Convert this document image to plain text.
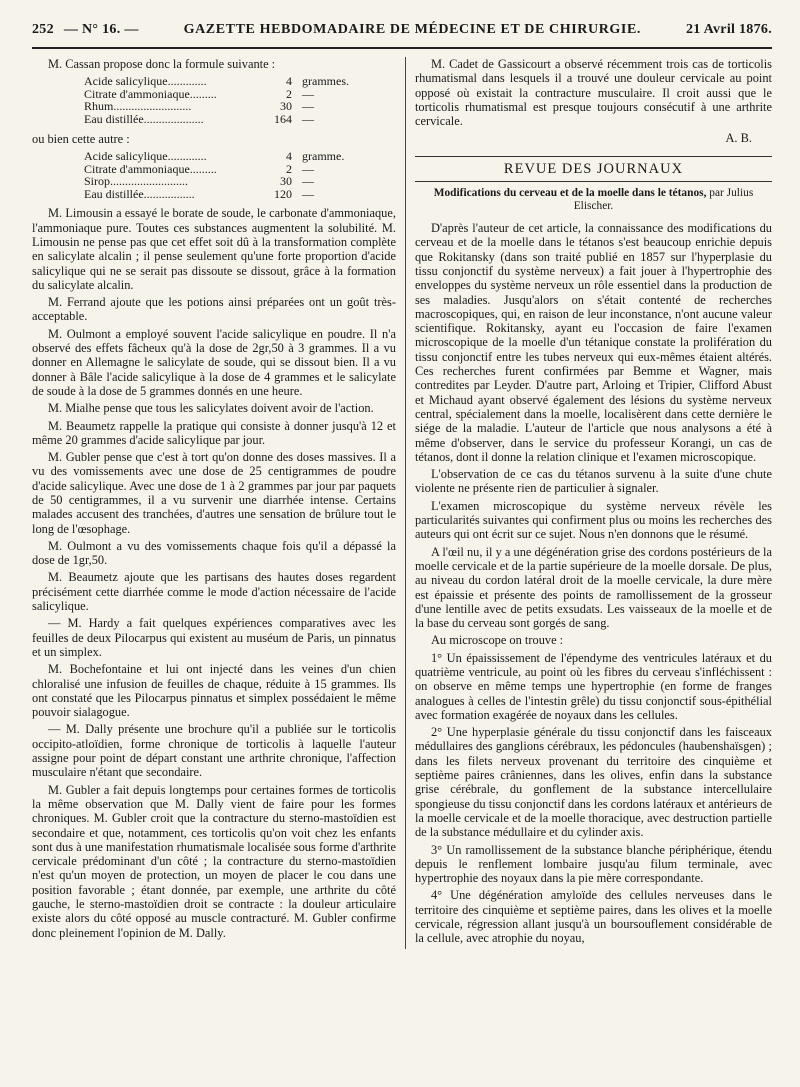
252 — N° 16. —	GAZETTE HEBDOMADAIRE DE MÉDECINE ET DE CHIRURGIE.	21 Avril 1876.

M. Cassan propose donc la formule suivante :

Acide salicylique.............	4 grammes.
Citrate d'ammoniaque.........	2 —
Rhum..........................	30 —
Eau distillée....................	164 —

ou bien cette autre :

Acide salicylique.............	4 gramme.
Citrate d'ammoniaque.........	2 —
Sirop..........................	30 —
Eau distillée.................	120 —

M. Limousin a essayé le borate de soude, le carbonate d'ammoniaque, l'ammoniaque pure. Toutes ces substances augmentent la solubilité. M. Limousin ne pense pas que cet effet soit dû à la transformation complète en salicylate alcalin ; il pense seulement qu'une forte proportion d'acide salicylique qui ne se serait pas dissoute se dissout, grâce à la formation du salicylate alcalin.

M. Ferrand ajoute que les potions ainsi préparées ont un goût très-acceptable.

M. Oulmont a employé souvent l'acide salicylique en poudre. Il n'a observé des effets fâcheux qu'à la dose de 2gr,50 à 3 grammes. Il a vu donner en Allemagne le salicylate de soude, qui se dissout bien. Il a vu donner à Bâle l'acide salicylique à la dose de 4 grammes et le salicylate de soude à la dose de 5 grammes donnés en une heure.

M. Mialhe pense que tous les salicylates doivent avoir de l'action.

M. Beaumetz rappelle la pratique qui consiste à donner jusqu'à 12 et même 20 grammes d'acide salicylique par jour.

M. Gubler pense que c'est à tort qu'on donne des doses massives. Il a vu des vomissements avec une dose de 25 centigrammes de poudre d'acide salicylique. Avec une dose de 1 à 2 grammes par jour par paquets de 50 centigrammes, il a vu survenir une diarrhée intense. Certains malades accusent des tranchées, d'autres une sensation de brûlure tout le long de l'œsophage.

M. Oulmont a vu des vomissements chaque fois qu'il a dépassé la dose de 1gr,50.

M. Beaumetz ajoute que les partisans des hautes doses regardent précisément cette diarrhée comme le mode d'action nécessaire de l'acide salicylique.

— M. Hardy a fait quelques expériences comparatives avec les feuilles de deux Pilocarpus qui existent au muséum de Paris, un pinnatus et un simplex.

M. Bochefontaine et lui ont injecté dans les veines d'un chien chloralisé une infusion de feuilles de chaque, réduite à 15 grammes. Ils ont constaté que les Pilocarpus pinnatus et simplex possédaient le même pouvoir sialagogue.

— M. Dally présente une brochure qu'il a publiée sur le torticolis occipito-atloïdien, forme chronique de torticolis à laquelle l'auteur assigne pour point de départ constant une arthrite chronique, l'affection musculaire n'étant que secondaire.

M. Gubler a fait depuis longtemps pour certaines formes de torticolis la même observation que M. Dally vient de faire pour les formes chroniques. M. Gubler croit que la contracture du sterno-mastoïdien est secondaire et que, notamment, ces torticolis qu'on voit chez les enfants sont dus à une manifestation rhumatismale localisée sous forme d'arthrite cervicale prédominant d'un côté ; la contracture du sterno-mastoïdien n'est qu'un moyen de protection, un moyen de placer le cou dans une position favorable ; étant donnée, par exemple, une arthrite du côté gauche, le sterno-mastoïdien droit se contracte : la douleur articulaire existe alors du côté opposé au muscle contracturé. M. Gubler confirme donc pleinement l'opinion de M. Dally.

M. Cadet de Gassicourt a observé récemment trois cas de torticolis rhumatismal dans lesquels il a trouvé une douleur cervicale au point opposé où existait la contracture musculaire. Il croit aussi que le torticolis rhumatismal est presque toujours consécutif à une arthrite cervicale.

A. B.
REVUE DES JOURNAUX
Modifications du cerveau et de la moelle dans le tétanos, par Julius Elischer.

D'après l'auteur de cet article, la connaissance des modifications du cerveau et de la moelle dans le tétanos s'est beaucoup enrichie depuis que Rokitansky (dans son traité publié en 1857 sur l'hyperplasie du tissu conjonctif du système nerveux) a fait jouer à l'hypertrophie des enveloppes du système nerveux un rôle essentiel dans la production de ses maladies. Jusqu'alors on s'était contenté de recherches macroscopiques, qui, en raison de leur inconstance, n'ont aucune valeur scientifique. Rokitansky, ayant eu l'occasion de faire l'examen microscopique de la moelle d'un tétanique constate la prolifération du tissu conjonctif entre les tubes nerveux qui eux-mêmes étaient altérés. Ces recherches furent confirmées par Bemme et Wagner, mais contredites par Leyder. D'autre part, Arloing et Tripier, Clifford Abust et Michaud ayant observé également des lésions du système nerveux central, spécialement dans la moelle, localisèrent dans cette dernière le siége de la maladie. L'auteur de l'article que nous analysons a été à même d'observer, dans le service du professeur Korangi, un cas de tétanos, dont il donne la relation clinique et l'examen microscopique.

L'observation de ce cas du tétanos survenu à la suite d'une chute violente ne présente rien de particulier à signaler.

L'examen microscopique du système nerveux révèle les particularités suivantes qui confirment plus ou moins les recherches des auteurs qui ont écrit sur ce sujet. Nous n'en donnons que le résumé.

A l'œil nu, il y a une dégénération grise des cordons postérieurs de la moelle cervicale et de la partie supérieure de la moelle dorsale. De plus, au niveau du cordon latéral droit de la moelle cervicale, la dure mère est épaissie et présente des points de ramollissement de la grosseur d'une lentille avec de petits exsudats. Les vaisseaux de la moelle et de la base du cerveau sont gorgés de sang.

Au microscope on trouve :

1° Un épaississement de l'épendyme des ventricules latéraux et du quatrième ventricule, au point où les fibres du cerveau s'infléchissent : on observe en même temps une hypertrophie (en forme de franges analogues à celles de l'intestin grêle) du tissu conjonctif sous-épithélial avec formation exagérée de noyaux dans les cellules.

2° Une hyperplasie générale du tissu conjonctif dans les faisceaux médullaires des ganglions cérébraux, les pédoncules (haubenshaïsgen) ; dans les filets nerveux provenant du territoire des cinquième et septième paires crâniennes, dans les olives, enfin dans la substance grise cérébrale, du gonflement de la substance intercellulaire spongieuse du tissu conjonctif dans les cordons latéraux et antérieurs de la moelle cervicale et de la moelle thoracique, avec destruction partielle de la substance médullaire et du cylinder axis.

3° Un ramollissement de la substance blanche périphérique, étendu depuis le renflement lombaire jusqu'au filum terminale, avec hypertrophie des noyaux dans la pie mère correspondante.

4° Une dégénération amyloïde des cellules nerveuses dans le territoire des cinquième et septième paires, dans les olives et la moelle cervicale, régression allant jusqu'à un boursouflement considérable de la cellule, avec atrophie du noyau,
